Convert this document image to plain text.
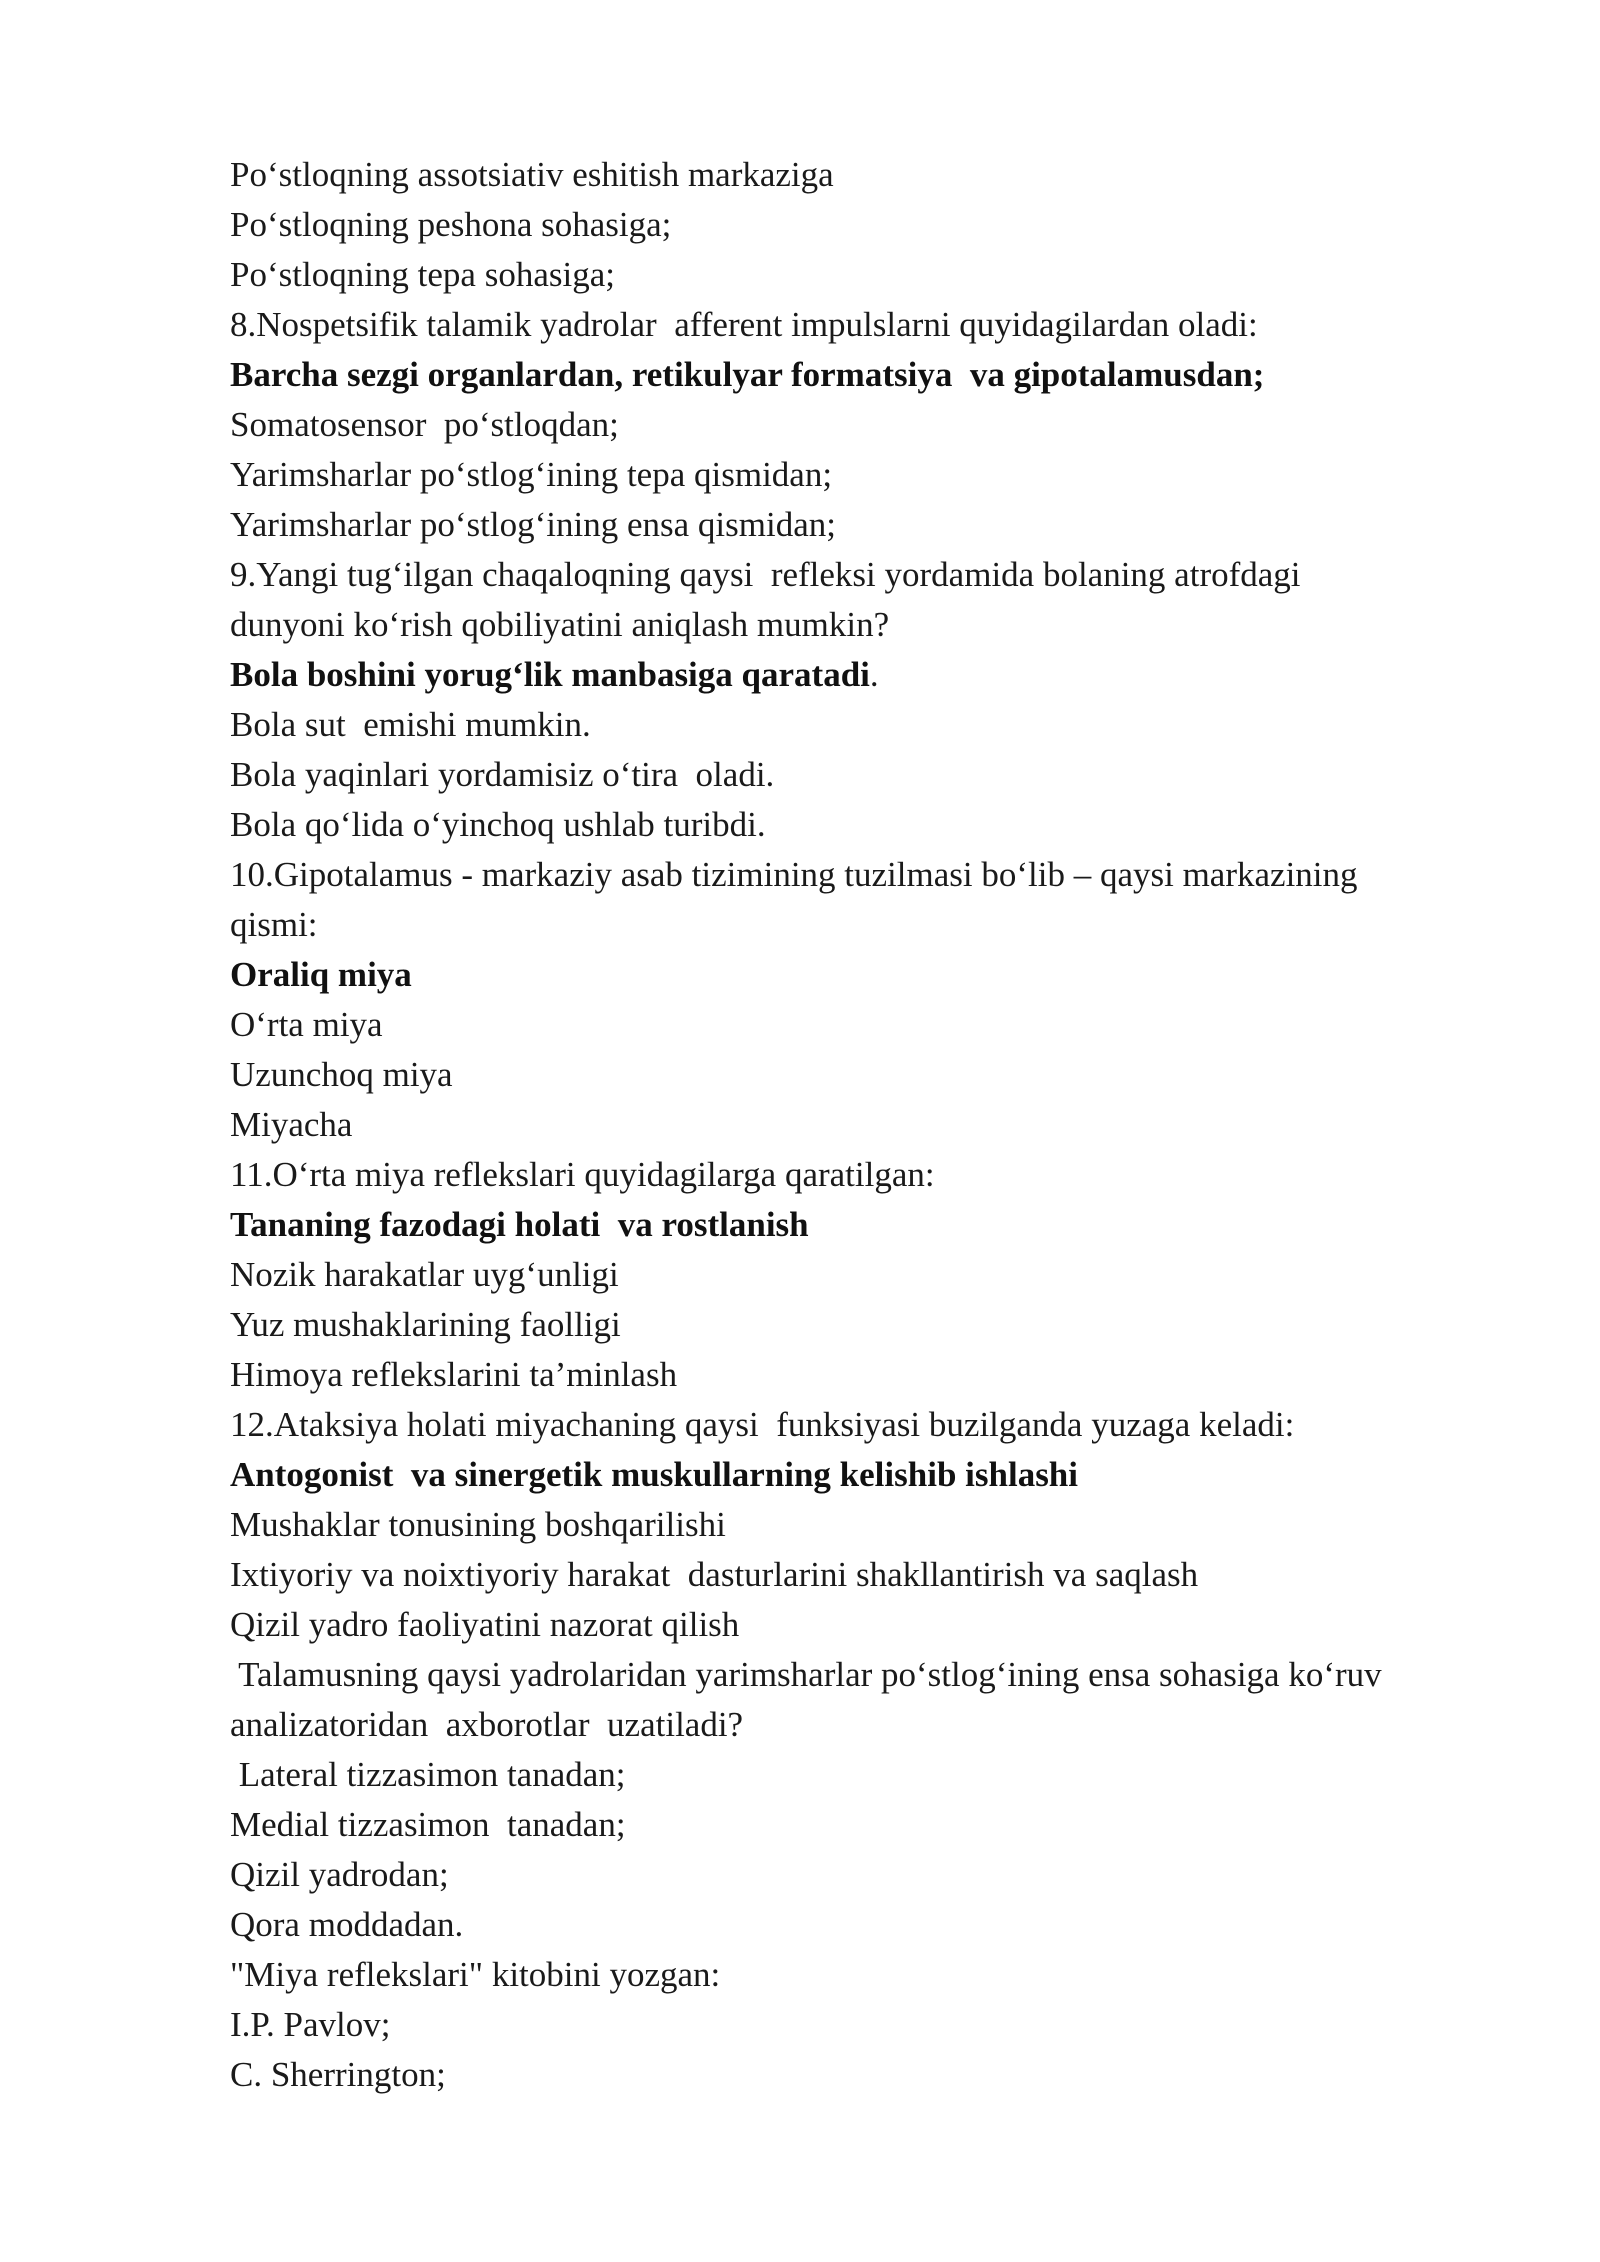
Po‘stloqning assotsiativ eshitish markaziga
Po‘stloqning peshona sohasiga;
Po‘stloqning tepa sohasiga;
8.Nospetsifik talamik yadrolar  afferent impulslarni quyidagilardan oladi:
Barcha sezgi organlardan, retikulyar formatsiya  va gipotalamusdan;
Somatosensor  po‘stloqdan;
Yarimsharlar po‘stlog‘ining tepa qismidan;
Yarimsharlar po‘stlog‘ining ensa qismidan;
9.Yangi tug‘ilgan chaqaloqning qaysi  refleksi yordamida bolaning atrofdagi
dunyoni ko‘rish qobiliyatini aniqlash mumkin?
Bola boshini yorug‘lik manbasiga qaratadi.
Bola sut  emishi mumkin.
Bola yaqinlari yordamisiz o‘tira  oladi.
Bola qo‘lida o‘yinchoq ushlab turibdi.
10.Gipotalamus - markaziy asab tizimining tuzilmasi bo‘lib – qaysi markazining
qismi:
Oraliq miya
O‘rta miya
Uzunchoq miya
Miyacha
11.O‘rta miya reflekslari quyidagilarga qaratilgan:
Tananing fazodagi holati  va rostlanish
Nozik harakatlar uyg‘unligi
Yuz mushaklarining faolligi
Himoya reflekslarini ta’minlash
12.Ataksiya holati miyachaning qaysi  funksiyasi buzilganda yuzaga keladi:
Antogonist  va sinergetik muskullarning kelishib ishlashi
Mushaklar tonusining boshqarilishi
Ixtiyoriy va noixtiyoriy harakat  dasturlarini shakllantirish va saqlash
Qizil yadro faoliyatini nazorat qilish
Talamusning qaysi yadrolaridan yarimsharlar po‘stlog‘ining ensa sohasiga ko‘ruv
analizatoridan  axborotlar  uzatiladi?
Lateral tizzasimon tanadan;
Medial tizzasimon  tanadan;
Qizil yadrodan;
Qora moddadan.
"Miya reflekslari" kitobini yozgan:
I.P. Pavlov;
C. Sherrington;
